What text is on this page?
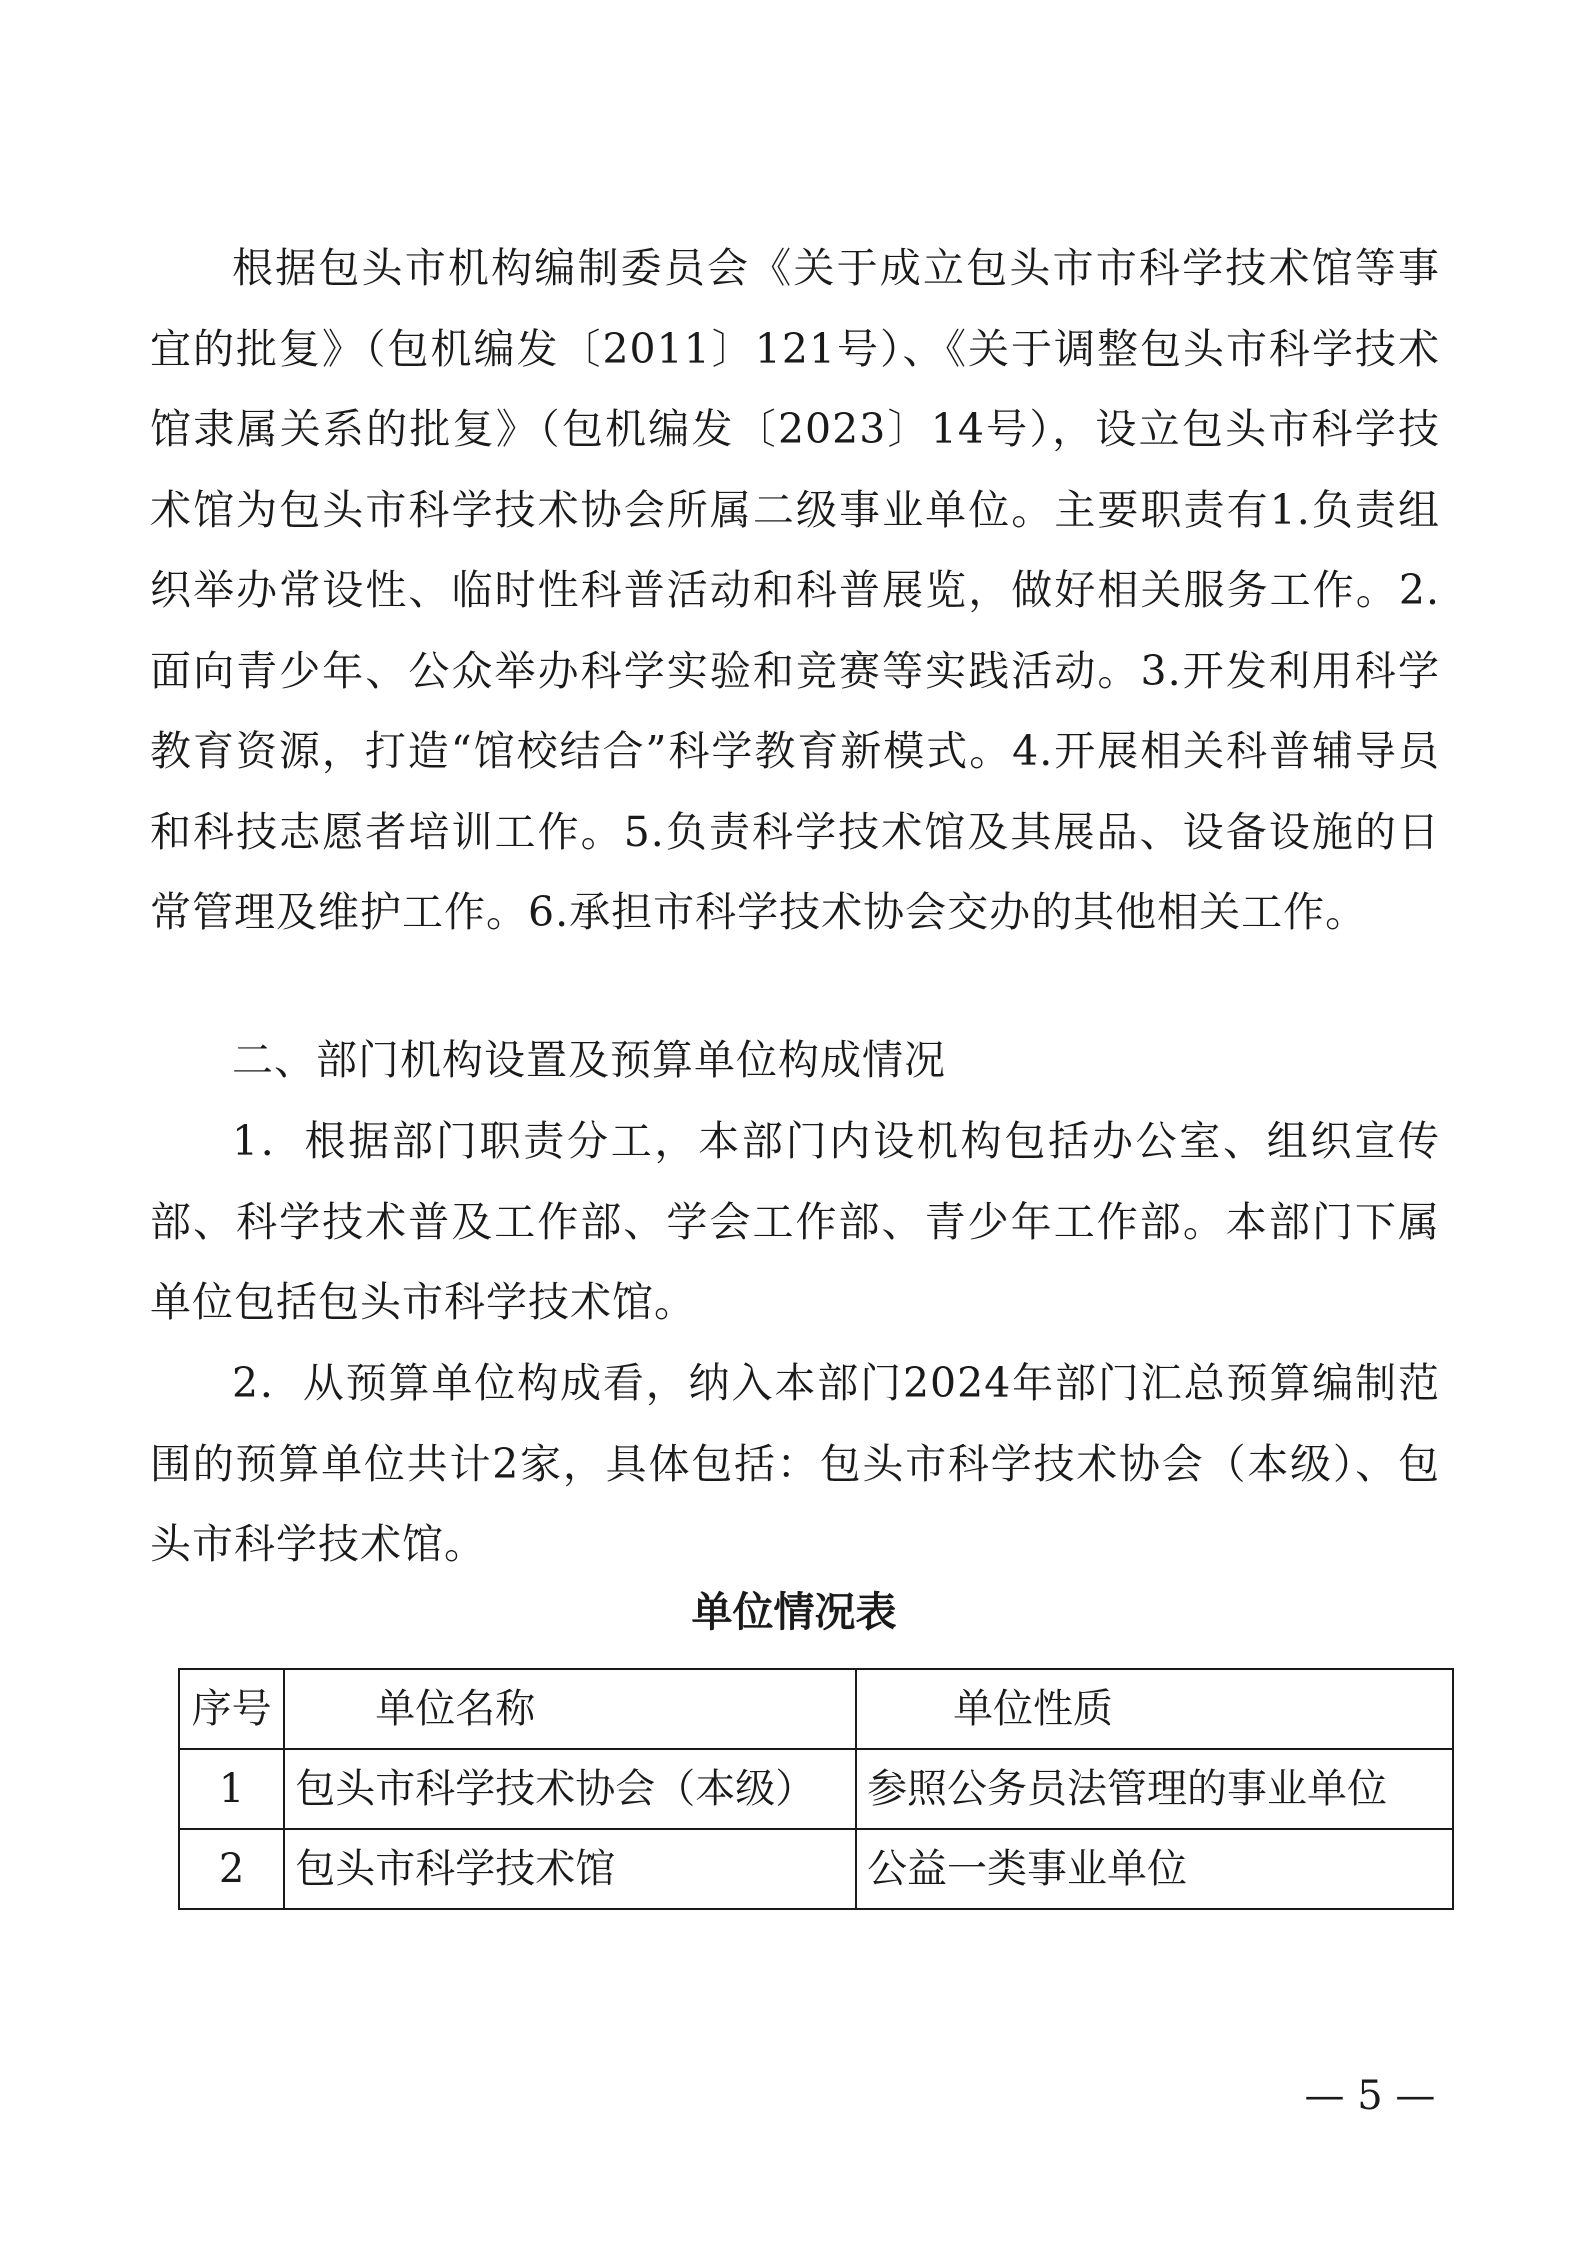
根据包头市机构编制委员会《关于成立包头市市科学技术馆等事宜的批复》（包机编发〔2011〕121号）、《关于调整包头市科学技术馆隶属关系的批复》（包机编发〔2023〕14号），设立包头市科学技术馆为包头市科学技术协会所属二级事业单位。主要职责有1.负责组织举办常设性、临时性科普活动和科普展览，做好相关服务工作。2.面向青少年、公众举办科学实验和竞赛等实践活动。3.开发利用科学教育资源，打造“馆校结合”科学教育新模式。4.开展相关科普辅导员和科技志愿者培训工作。5.负责科学技术馆及其展品、设备设施的日常管理及维护工作。6.承担市科学技术协会交办的其他相关工作。

二、部门机构设置及预算单位构成情况

1．根据部门职责分工，本部门内设机构包括办公室、组织宣传部、科学技术普及工作部、学会工作部、青少年工作部。本部门下属单位包括包头市科学技术馆。

2．从预算单位构成看，纳入本部门2024年部门汇总预算编制范围的预算单位共计2家，具体包括：包头市科学技术协会（本级）、包头市科学技术馆。

单位情况表
序号	单位名称	单位性质
1	包头市科学技术协会（本级）	参照公务员法管理的事业单位
2	包头市科学技术馆	公益一类事业单位
— 5 —
